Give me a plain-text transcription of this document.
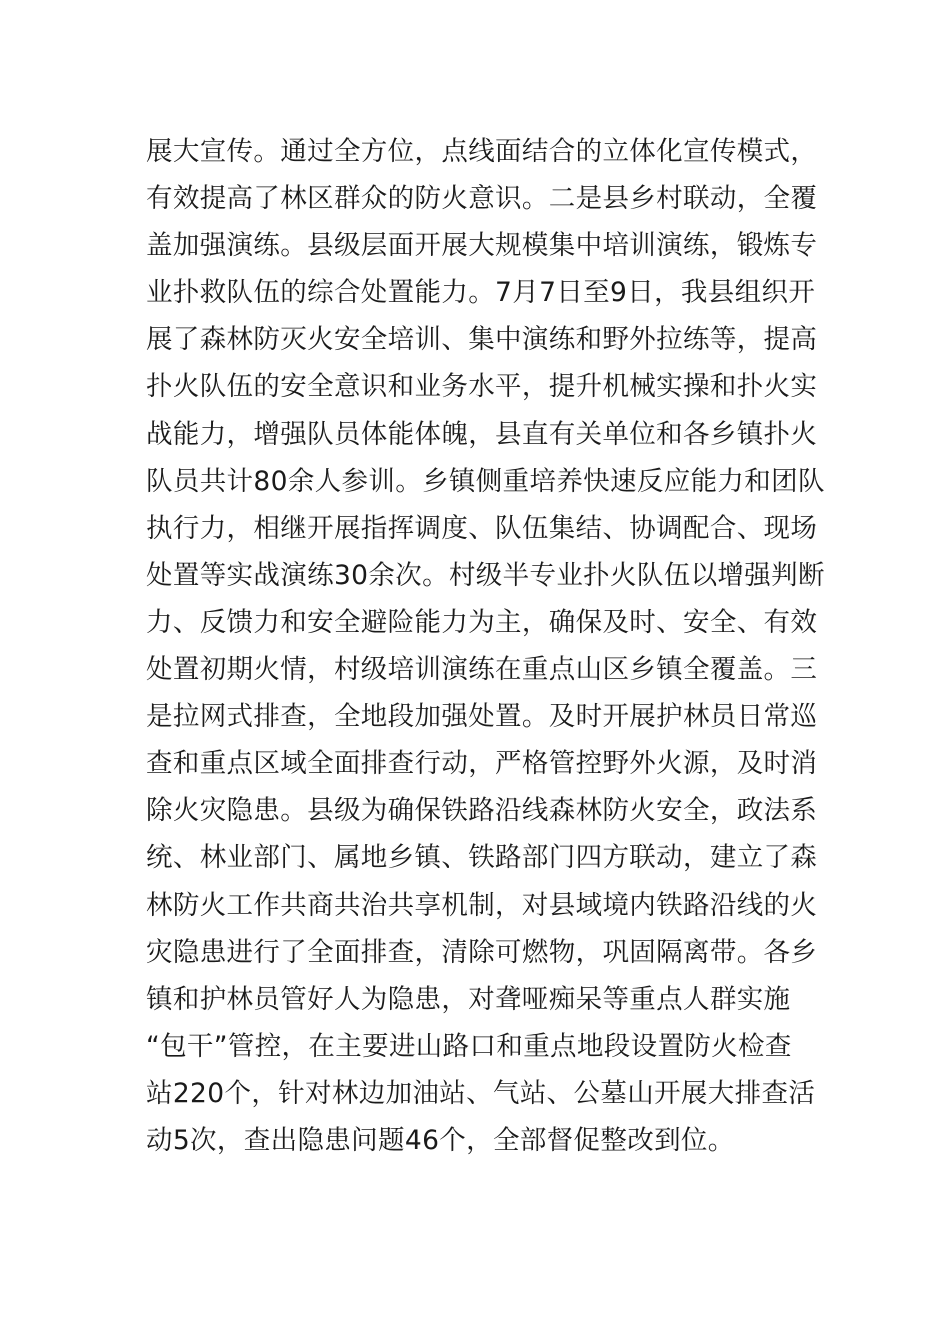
展大宣传。通过全方位，点线面结合的立体化宣传模式，
有效提高了林区群众的防火意识。二是县乡村联动，全覆
盖加强演练。县级层面开展大规模集中培训演练，锻炼专
业扑救队伍的综合处置能力。7月7日至9日，我县组织开
展了森林防灭火安全培训、集中演练和野外拉练等，提高
扑火队伍的安全意识和业务水平，提升机械实操和扑火实
战能力，增强队员体能体魄，县直有关单位和各乡镇扑火
队员共计80余人参训。乡镇侧重培养快速反应能力和团队
执行力，相继开展指挥调度、队伍集结、协调配合、现场
处置等实战演练30余次。村级半专业扑火队伍以增强判断
力、反馈力和安全避险能力为主，确保及时、安全、有效
处置初期火情，村级培训演练在重点山区乡镇全覆盖。三
是拉网式排查，全地段加强处置。及时开展护林员日常巡
查和重点区域全面排查行动，严格管控野外火源，及时消
除火灾隐患。县级为确保铁路沿线森林防火安全，政法系
统、林业部门、属地乡镇、铁路部门四方联动，建立了森
林防火工作共商共治共享机制，对县域境内铁路沿线的火
灾隐患进行了全面排查，清除可燃物，巩固隔离带。各乡
镇和护林员管好人为隐患，对聋哑痴呆等重点人群实施
“包干”管控，在主要进山路口和重点地段设置防火检查
站220个，针对林边加油站、气站、公墓山开展大排查活
动5次，查出隐患问题46个，全部督促整改到位。
